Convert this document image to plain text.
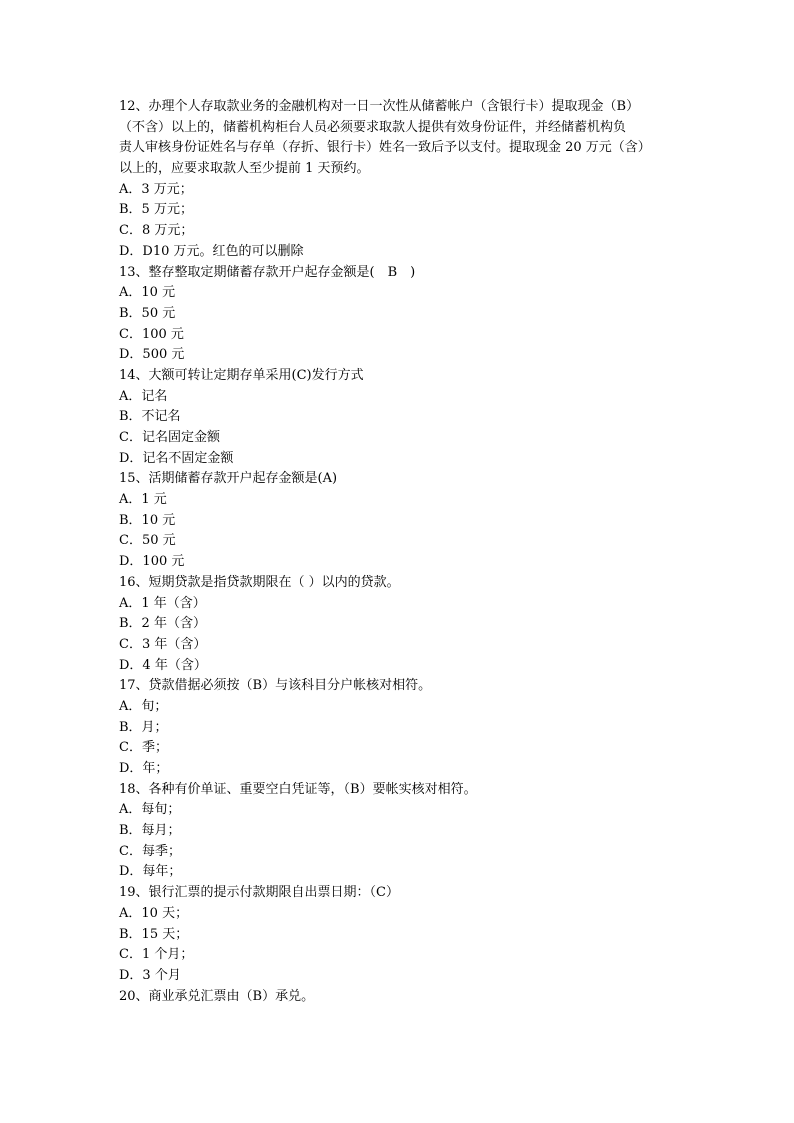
12、办理个人存取款业务的金融机构对一日一次性从储蓄帐户（含银行卡）提取现金（B）

（不含）以上的，储蓄机构柜台人员必须要求取款人提供有效身份证件，并经储蓄机构负

责人审核身份证姓名与存单（存折、银行卡）姓名一致后予以支付。提取现金 20 万元（含）

以上的，应要求取款人至少提前 1 天预约。

A．3 万元；

B．5 万元；

C．8 万元；

D．D10 万元。红色的可以删除

13、整存整取定期储蓄存款开户起存金额是(　B　)

A．10 元

B．50 元

C．100 元

D．500 元

14、大额可转让定期存单采用(C)发行方式

A．记名

B．不记名

C．记名固定金额

D．记名不固定金额

15、活期储蓄存款开户起存金额是(A)

A．1 元

B．10 元

C．50 元

D．100 元

16、短期贷款是指贷款期限在（ ）以内的贷款。

A．1 年（含）

B．2 年（含）

C．3 年（含）

D．4 年（含）

17、贷款借据必须按（B）与该科目分户帐核对相符。

A．旬；

B．月；

C．季；

D．年；

18、各种有价单证、重要空白凭证等，（B）要帐实核对相符。

A．每旬；

B．每月；

C．每季；

D．每年；

19、银行汇票的提示付款期限自出票日期：（C）

A．10 天；

B．15 天；

C．1 个月；

D．3 个月

20、商业承兑汇票由（B）承兑。
